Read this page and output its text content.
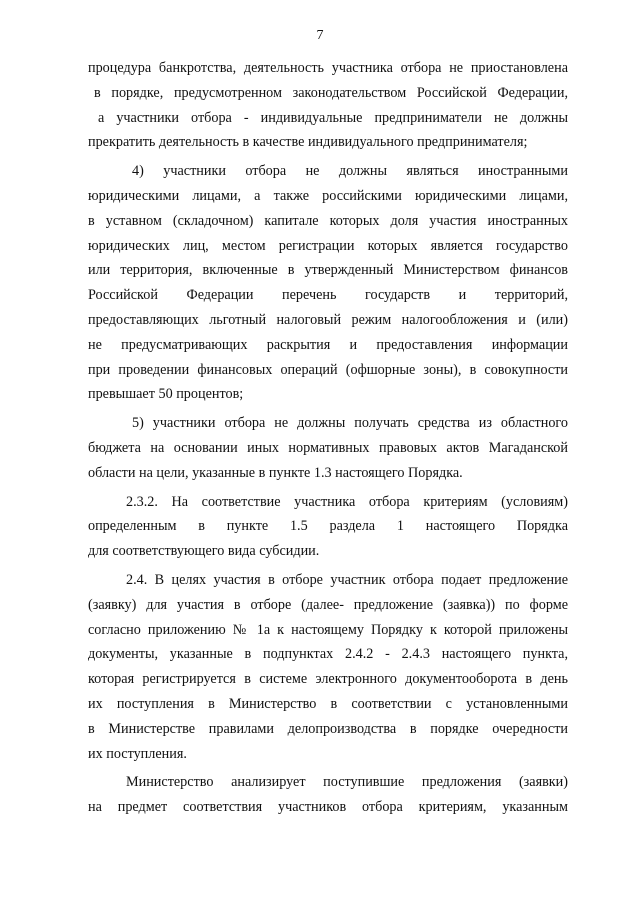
7
процедура банкротства, деятельность участника отбора не приостановлена
в порядке, предусмотренном законодательством Российской Федерации,
а участники отбора - индивидуальные предприниматели не должны
прекратить деятельность в качестве индивидуального предпринимателя;
4) участники отбора не должны являться иностранными
юридическими лицами, а также российскими юридическими лицами,
в уставном (складочном) капитале которых доля участия иностранных
юридических лиц, местом регистрации которых является государство
или территория, включенные в утвержденный Министерством финансов
Российской Федерации перечень государств и территорий,
предоставляющих льготный налоговый режим налогообложения и (или)
не предусматривающих раскрытия и предоставления информации
при проведении финансовых операций (офшорные зоны), в совокупности
превышает 50 процентов;
5) участники отбора не должны получать средства из областного
бюджета на основании иных нормативных правовых актов Магаданской
области на цели, указанные в пункте 1.3 настоящего Порядка.
2.3.2. На соответствие участника отбора критериям (условиям)
определенным в пункте 1.5 раздела 1 настоящего Порядка
для соответствующего вида субсидии.
2.4. В целях участия в отборе участник отбора подает предложение
(заявку) для участия в отборе (далее- предложение (заявка)) по форме
согласно приложению № 1а к настоящему Порядку к которой приложены
документы, указанные в подпунктах 2.4.2 - 2.4.3 настоящего пункта,
которая регистрируется в системе электронного документооборота в день
их поступления в Министерство в соответствии с установленными
в Министерстве правилами делопроизводства в порядке очередности
их поступления.
Министерство анализирует поступившие предложения (заявки)
на предмет соответствия участников отбора критериям, указанным
